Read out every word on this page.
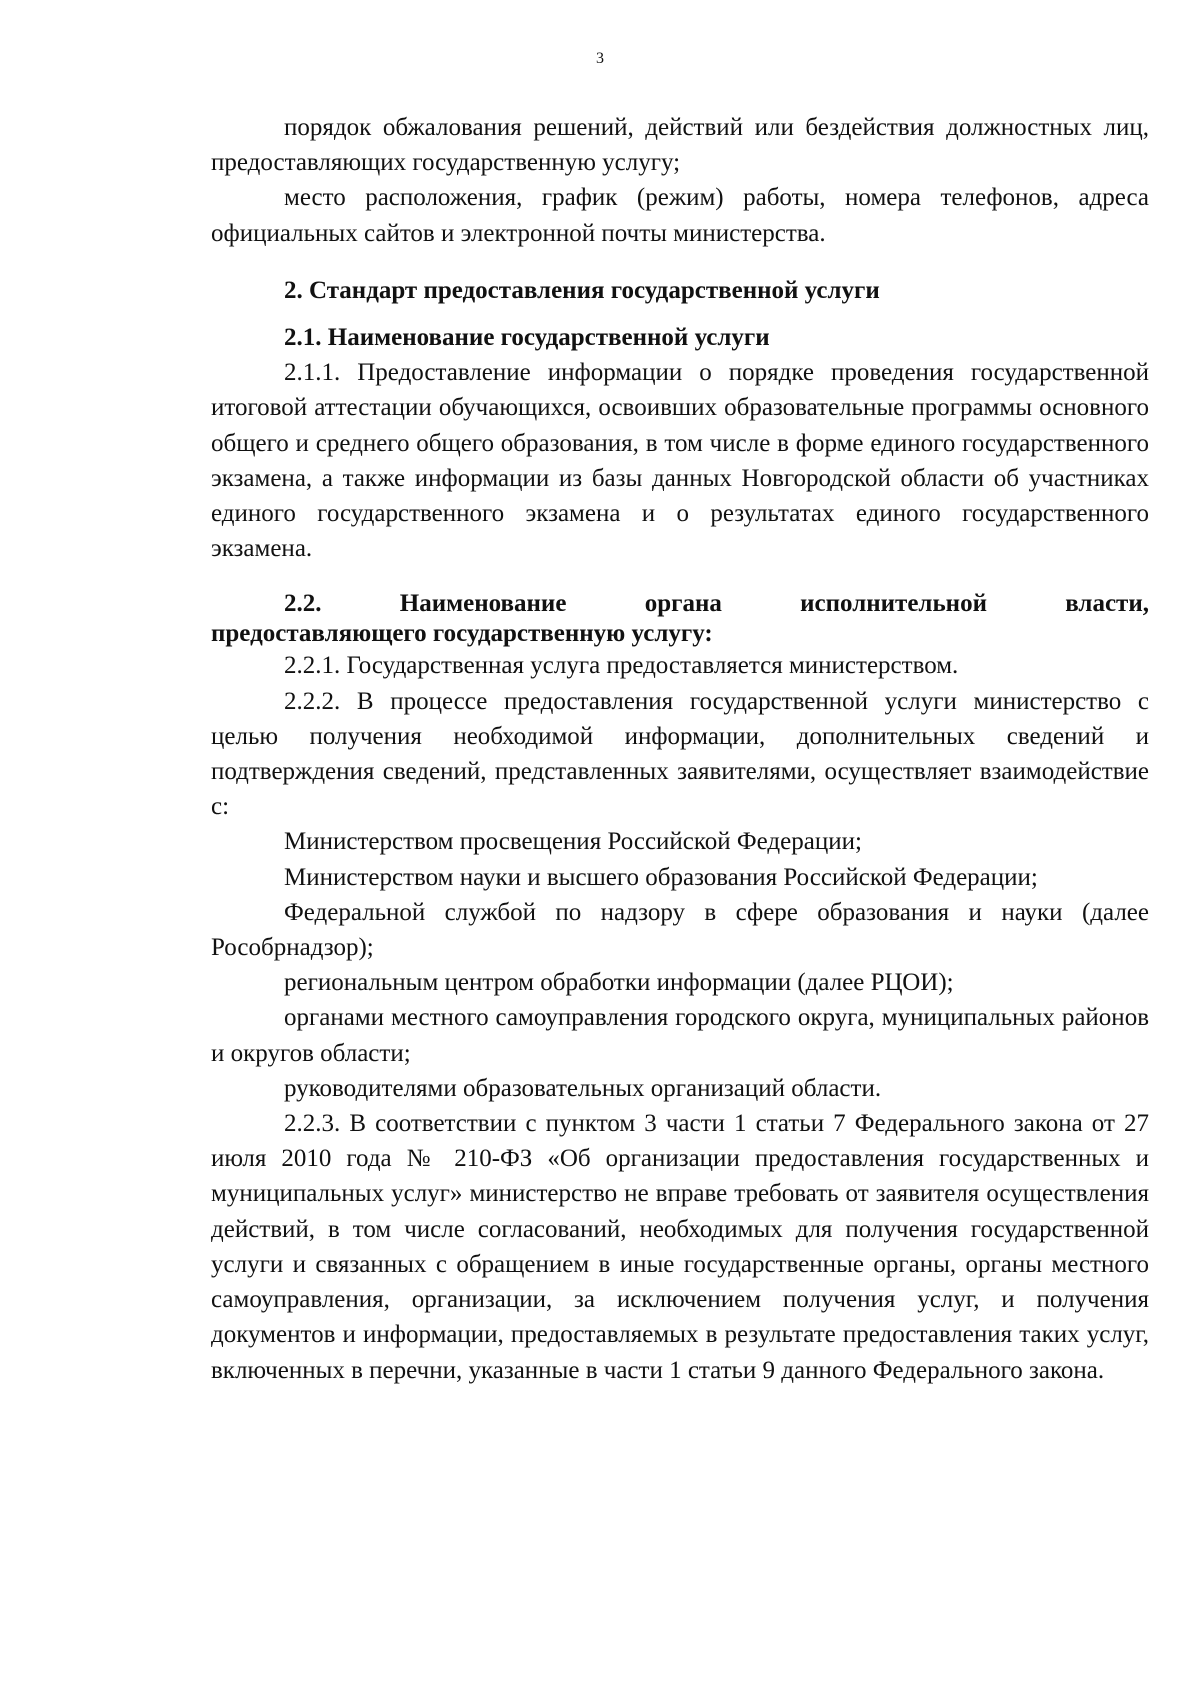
3

порядок обжалования решений, действий или бездействия должностных лиц, предоставляющих государственную услугу;

место расположения, график (режим) работы, номера телефонов, адреса официальных сайтов и электронной почты министерства.

2. Стандарт предоставления государственной услуги

2.1. Наименование государственной услуги

2.1.1. Предоставление информации о порядке проведения государственной итоговой аттестации обучающихся, освоивших образовательные программы основного общего и среднего общего образования, в том числе в форме единого государственного экзамена, а также информации из базы данных Новгородской области об участниках единого государственного экзамена и о результатах единого государственного экзамена.

2.2. Наименование органа исполнительной власти,

предоставляющего государственную услугу:

2.2.1. Государственная услуга предоставляется министерством.

2.2.2. В процессе предоставления государственной услуги министерство с целью получения необходимой информации, дополнительных сведений и подтверждения сведений, представленных заявителями, осуществляет взаимодействие с:

Министерством просвещения Российской Федерации;

Министерством науки и высшего образования Российской Федерации;

Федеральной службой по надзору в сфере образования и науки (далее Рособрнадзор);

региональным центром обработки информации (далее РЦОИ);

органами местного самоуправления городского округа, муниципальных районов и округов области;

руководителями образовательных организаций области.

2.2.3. В соответствии с пунктом 3 части 1 статьи 7 Федерального закона от 27 июля 2010 года № 210-ФЗ «Об организации предоставления государственных и муниципальных услуг» министерство не вправе требовать от заявителя осуществления действий, в том числе согласований, необходимых для получения государственной услуги и связанных с обращением в иные государственные органы, органы местного самоуправления, организации, за исключением получения услуг, и получения документов и информации, предоставляемых в результате предоставления таких услуг, включенных в перечни, указанные в части 1 статьи 9 данного Федерального закона.
